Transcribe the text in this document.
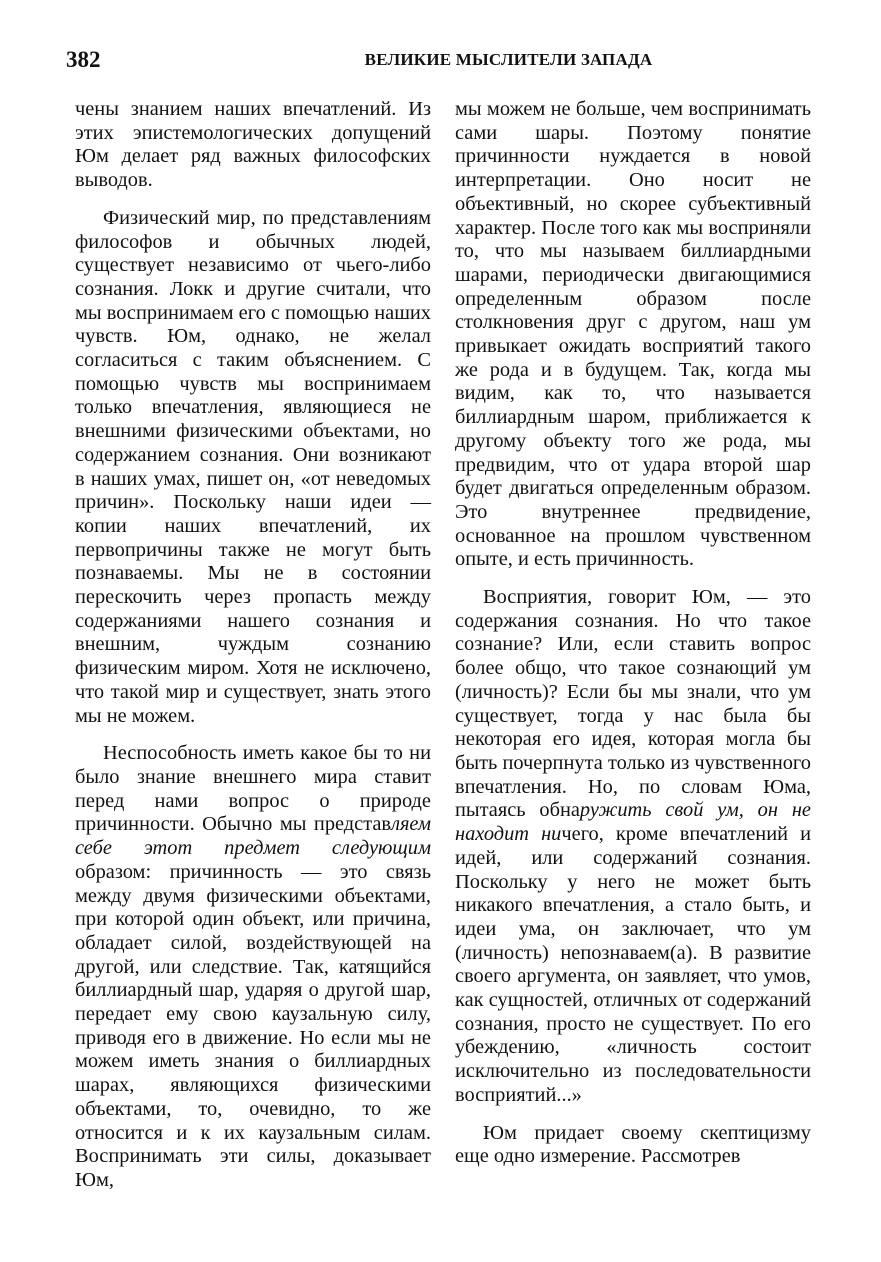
382	ВЕЛИКИЕ МЫСЛИТЕЛИ ЗАПАДА

чены знанием наших впечатлений. Из этих эпистемологических допущений Юм делает ряд важных философских выводов.

Физический мир, по представлениям философов и обычных людей, существует независимо от чьего-либо сознания. Локк и другие считали, что мы воспринимаем его с помощью наших чувств. Юм, однако, не желал согласиться с таким объяснением. С помощью чувств мы воспринимаем только впечатления, являющиеся не внешними физическими объектами, но содержанием сознания. Они возникают в наших умах, пишет он, «от неведомых причин». Поскольку наши идеи — копии наших впечатлений, их первопричины также не могут быть познаваемы. Мы не в состоянии перескочить через пропасть между содержаниями нашего сознания и внешним, чуждым сознанию физическим миром. Хотя не исключено, что такой мир и существует, знать этого мы не можем.

Неспособность иметь какое бы то ни было знание внешнего мира ставит перед нами вопрос о природе причинности. Обычно мы представляем себе этот предмет следующим образом: причинность — это связь между двумя физическими объектами, при которой один объект, или причина, обладает силой, воздействующей на другой, или следствие. Так, катящийся биллиардный шар, ударяя о другой шар, передает ему свою каузальную силу, приводя его в движение. Но если мы не можем иметь знания о биллиардных шарах, являющихся физическими объектами, то, очевидно, то же относится и к их каузальным силам. Воспринимать эти силы, доказывает Юм,

мы можем не больше, чем воспринимать сами шары. Поэтому понятие причинности нуждается в новой интерпретации. Оно носит не объективный, но скорее субъективный характер. После того как мы восприняли то, что мы называем биллиардными шарами, периодически двигающимися определенным образом после столкновения друг с другом, наш ум привыкает ожидать восприятий такого же рода и в будущем. Так, когда мы видим, как то, что называется биллиардным шаром, приближается к другому объекту того же рода, мы предвидим, что от удара второй шар будет двигаться определенным образом. Это внутреннее предвидение, основанное на прошлом чувственном опыте, и есть причинность.

Восприятия, говорит Юм, — это содержания сознания. Но что такое сознание? Или, если ставить вопрос более общо, что такое сознающий ум (личность)? Если бы мы знали, что ум существует, тогда у нас была бы некоторая его идея, которая могла бы быть почерпнута только из чувственного впечатления. Но, по словам Юма, пытаясь обнаружить свой ум, он не находит ничего, кроме впечатлений и идей, или содержаний сознания. Поскольку у него не может быть никакого впечатления, а стало быть, и идеи ума, он заключает, что ум (личность) непознаваем(а). В развитие своего аргумента, он заявляет, что умов, как сущностей, отличных от содержаний сознания, просто не существует. По его убеждению, «личность состоит исключительно из последовательности восприятий...»

Юм придает своему скептицизму еще одно измерение. Рассмотрев
